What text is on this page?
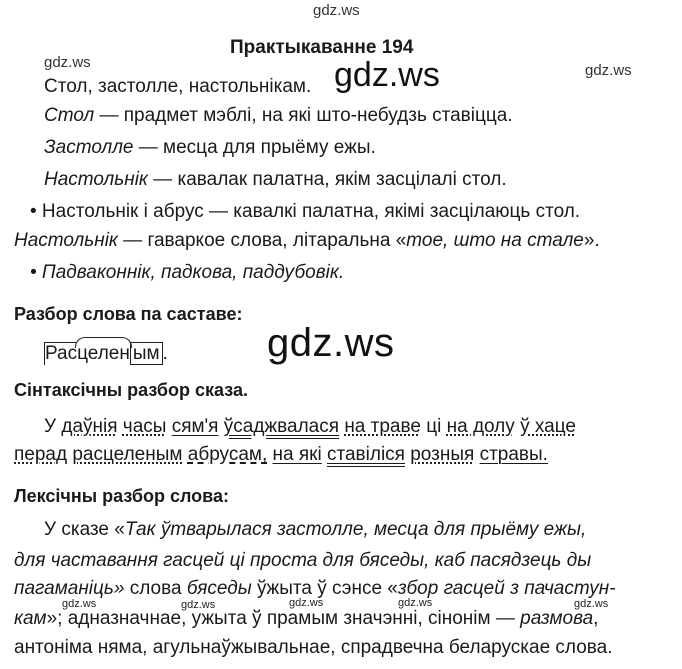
gdz.ws
gdz.ws	gdz.ws
gdz.ws
gdz.ws
Практыкаванне 194
Стол, застолле, настольнікам.
Стол — прадмет мэблі, на які што-небудзь ставіцца.
Застолле — месца для прыёму ежы.
Настольнік — кавалак палатна, якім засцілалі стол.
• Настольнік і абрус — кавалкі палатна, якімі засцілаюць стол.
Настольнік — гаваркое слова, літаральна «тое, што на стале».
• Падваконнік, падкова, паддубовік.
Разбор слова па саставе:
Рас
целен ым .
Сінтаксічны разбор сказа.
У даўнія часы сям'я ўсаджвалася на траве ці на долу ў хаце
перад расцеленым абрусам, на якi ставіліся розныя стравы.
Лексічны разбор слова:
У сказе «Так ўтварылася застолле, месца для прыёму ежы,
для частавання гасцей ці проста для бяседы, каб пасядзець ды
пагаманіць» слова бяседы ўжыта ў сэнсе «збор гасцей з пачастун-
gdz.ws	gdz.ws	gdz.ws	gdz.ws	gdz.ws
кам»; адназначнае, ужыта ў прамым значэнні, сінонім — размова,
антоніма няма, агульнаўжывальнае, спрадвечна беларускае слова.
